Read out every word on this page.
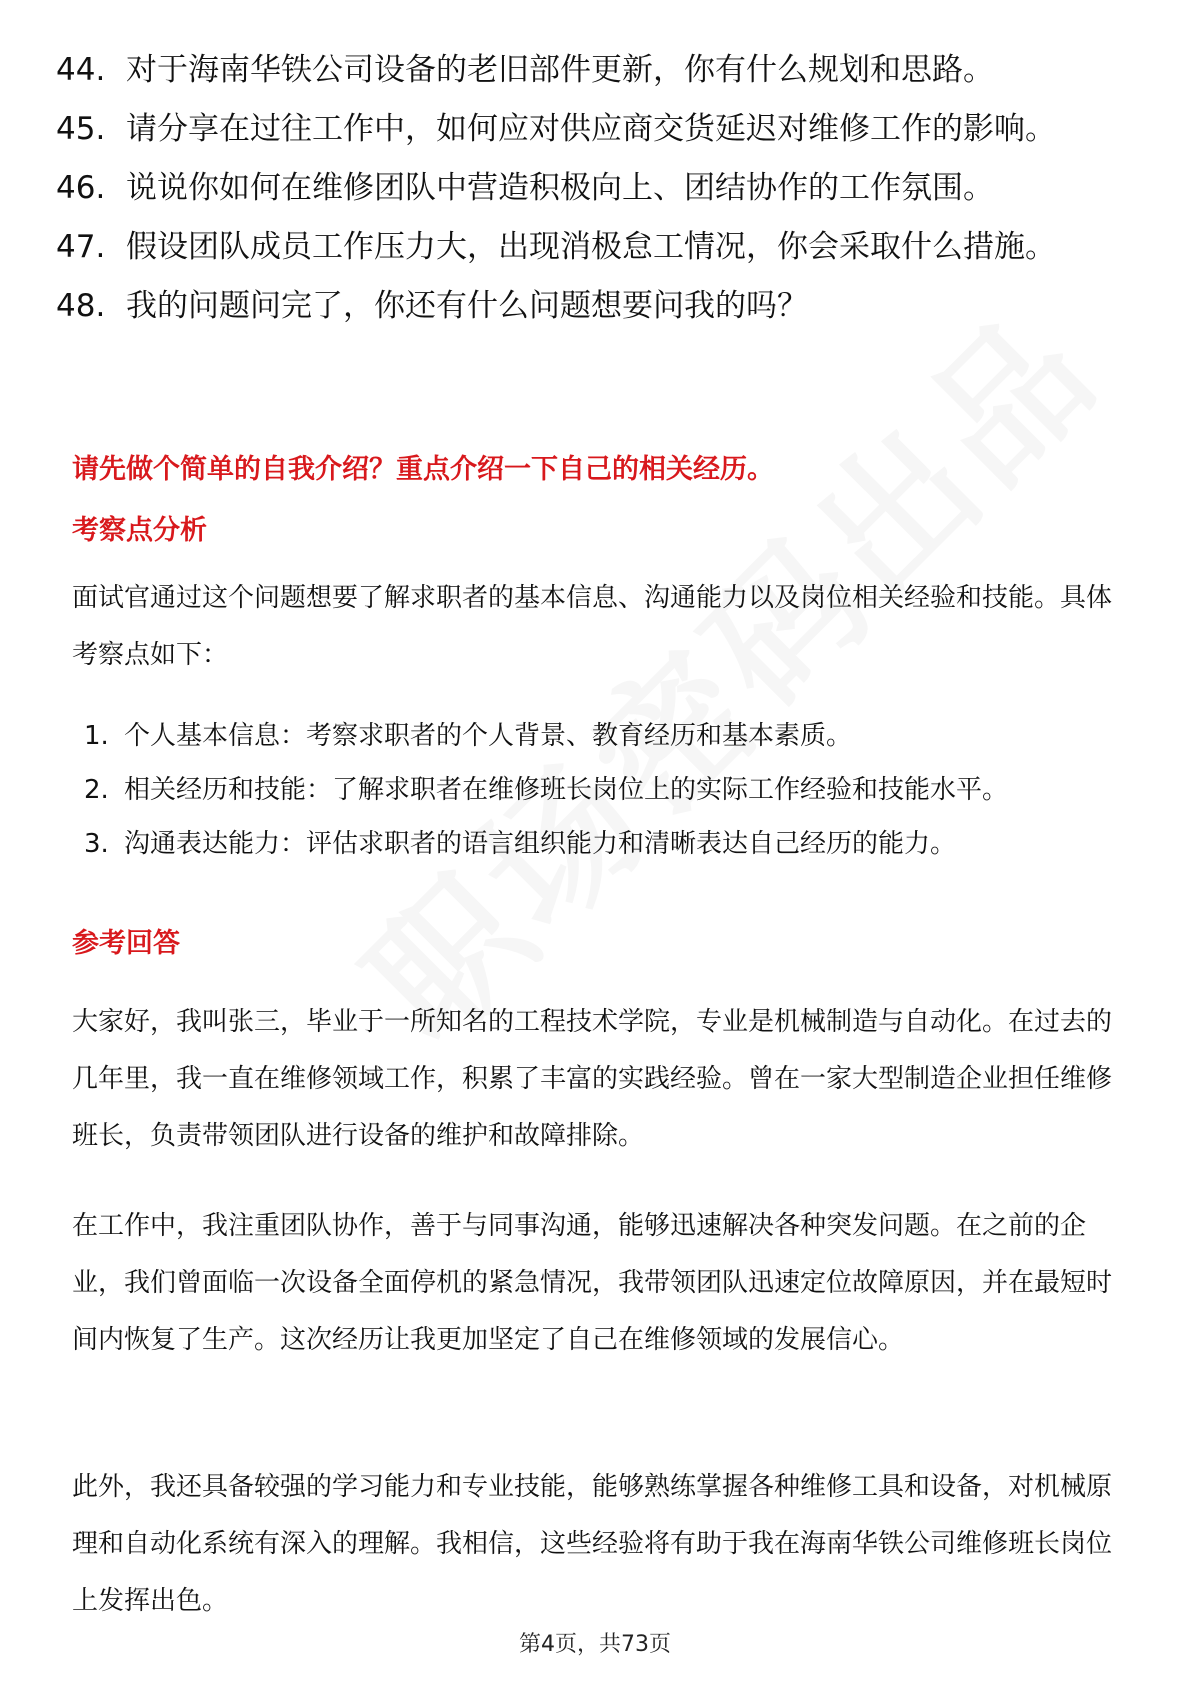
44. 对于海南华铁公司设备的老旧部件更新，你有什么规划和思路。
45. 请分享在过往工作中，如何应对供应商交货延迟对维修工作的影响。
46. 说说你如何在维修团队中营造积极向上、团结协作的工作氛围。
47. 假设团队成员工作压力大，出现消极怠工情况，你会采取什么措施。
48. 我的问题问完了，你还有什么问题想要问我的吗？
请先做个简单的自我介绍？重点介绍一下自己的相关经历。
考察点分析
面试官通过这个问题想要了解求职者的基本信息、沟通能力以及岗位相关经验和技能。具体考察点如下：
1. 个人基本信息：考察求职者的个人背景、教育经历和基本素质。
2. 相关经历和技能：了解求职者在维修班长岗位上的实际工作经验和技能水平。
3. 沟通表达能力：评估求职者的语言组织能力和清晰表达自己经历的能力。
参考回答
大家好，我叫张三，毕业于一所知名的工程技术学院，专业是机械制造与自动化。在过去的几年里，我一直在维修领域工作，积累了丰富的实践经验。曾在一家大型制造企业担任维修班长，负责带领团队进行设备的维护和故障排除。
在工作中，我注重团队协作，善于与同事沟通，能够迅速解决各种突发问题。在之前的企业，我们曾面临一次设备全面停机的紧急情况，我带领团队迅速定位故障原因，并在最短时间内恢复了生产。这次经历让我更加坚定了自己在维修领域的发展信心。
此外，我还具备较强的学习能力和专业技能，能够熟练掌握各种维修工具和设备，对机械原理和自动化系统有深入的理解。我相信，这些经验将有助于我在海南华铁公司维修班长岗位上发挥出色。
第4页，共73页
